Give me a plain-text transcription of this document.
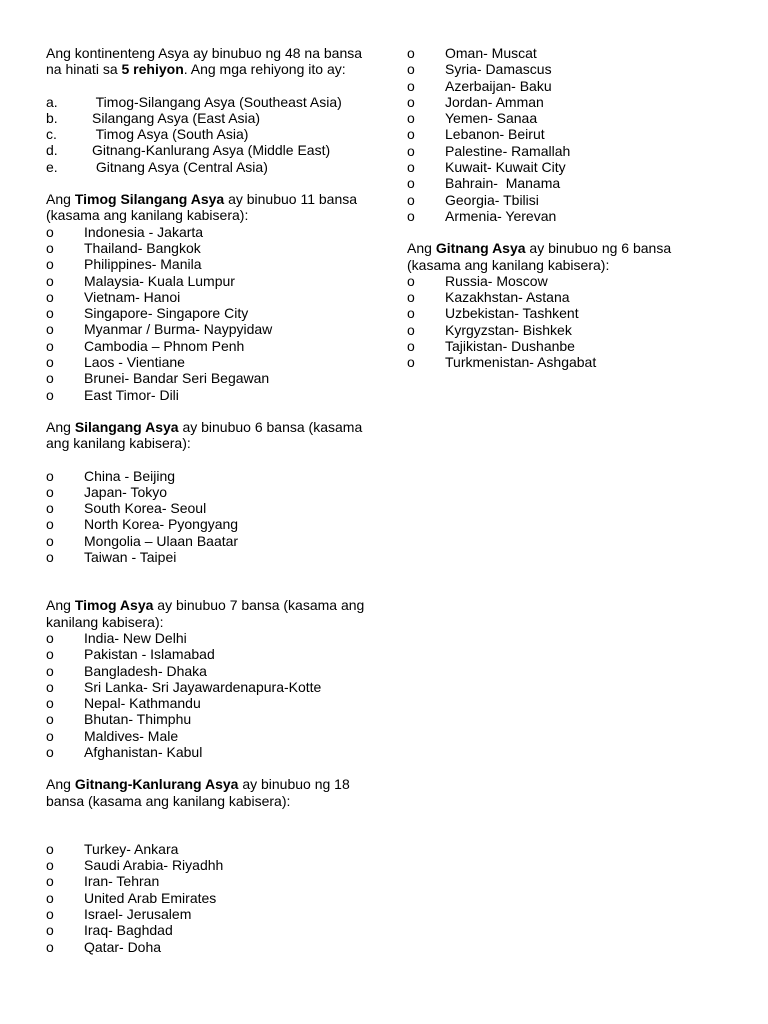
Ang kontinenteng Asya ay binubuo ng 48 na bansa na hinati sa 5 rehiyon. Ang mga rehiyong ito ay:

a.	Timog-Silangang Asya (Southeast Asia)
b.	Silangang Asya (East Asia)
c.	Timog Asya (South Asia)
d.	Gitnang-Kanlurang Asya (Middle East)
e.	Gitnang Asya (Central Asia)

Ang Timog Silangang Asya ay binubuo 11 bansa (kasama ang kanilang kabisera):

o	Indonesia - Jakarta
o	Thailand- Bangkok
o	Philippines- Manila
o	Malaysia- Kuala Lumpur
o	Vietnam- Hanoi
o	Singapore- Singapore City
o	Myanmar / Burma- Naypyidaw
o	Cambodia – Phnom Penh
o	Laos - Vientiane
o	Brunei- Bandar Seri Begawan
o	East Timor- Dili

Ang Silangang Asya ay binubuo 6 bansa (kasama ang kanilang kabisera):

o	China - Beijing
o	Japan- Tokyo
o	South Korea- Seoul
o	North Korea- Pyongyang
o	Mongolia – Ulaan Baatar
o	Taiwan - Taipei

Ang Timog Asya ay binubuo 7 bansa (kasama ang kanilang kabisera):

o	India- New Delhi
o	Pakistan - Islamabad
o	Bangladesh- Dhaka
o	Sri Lanka- Sri Jayawardenapura-Kotte
o	Nepal- Kathmandu
o	Bhutan- Thimphu
o	Maldives- Male
o	Afghanistan- Kabul

Ang Gitnang-Kanlurang Asya ay binubuo ng 18 bansa (kasama ang kanilang kabisera):

o	Turkey- Ankara
o	Saudi Arabia- Riyadhh
o	Iran- Tehran
o	United Arab Emirates
o	Israel- Jerusalem
o	Iraq- Baghdad
o	Qatar- Doha
o	Oman- Muscat
o	Syria- Damascus
o	Azerbaijan- Baku
o	Jordan- Amman
o	Yemen- Sanaa
o	Lebanon- Beirut
o	Palestine- Ramallah
o	Kuwait- Kuwait City
o	Bahrain-  Manama
o	Georgia- Tbilisi
o	Armenia- Yerevan

Ang Gitnang Asya ay binubuo ng 6 bansa (kasama ang kanilang kabisera):

o	Russia- Moscow
o	Kazakhstan- Astana
o	Uzbekistan- Tashkent
o	Kyrgyzstan- Bishkek
o	Tajikistan- Dushanbe
o	Turkmenistan- Ashgabat
